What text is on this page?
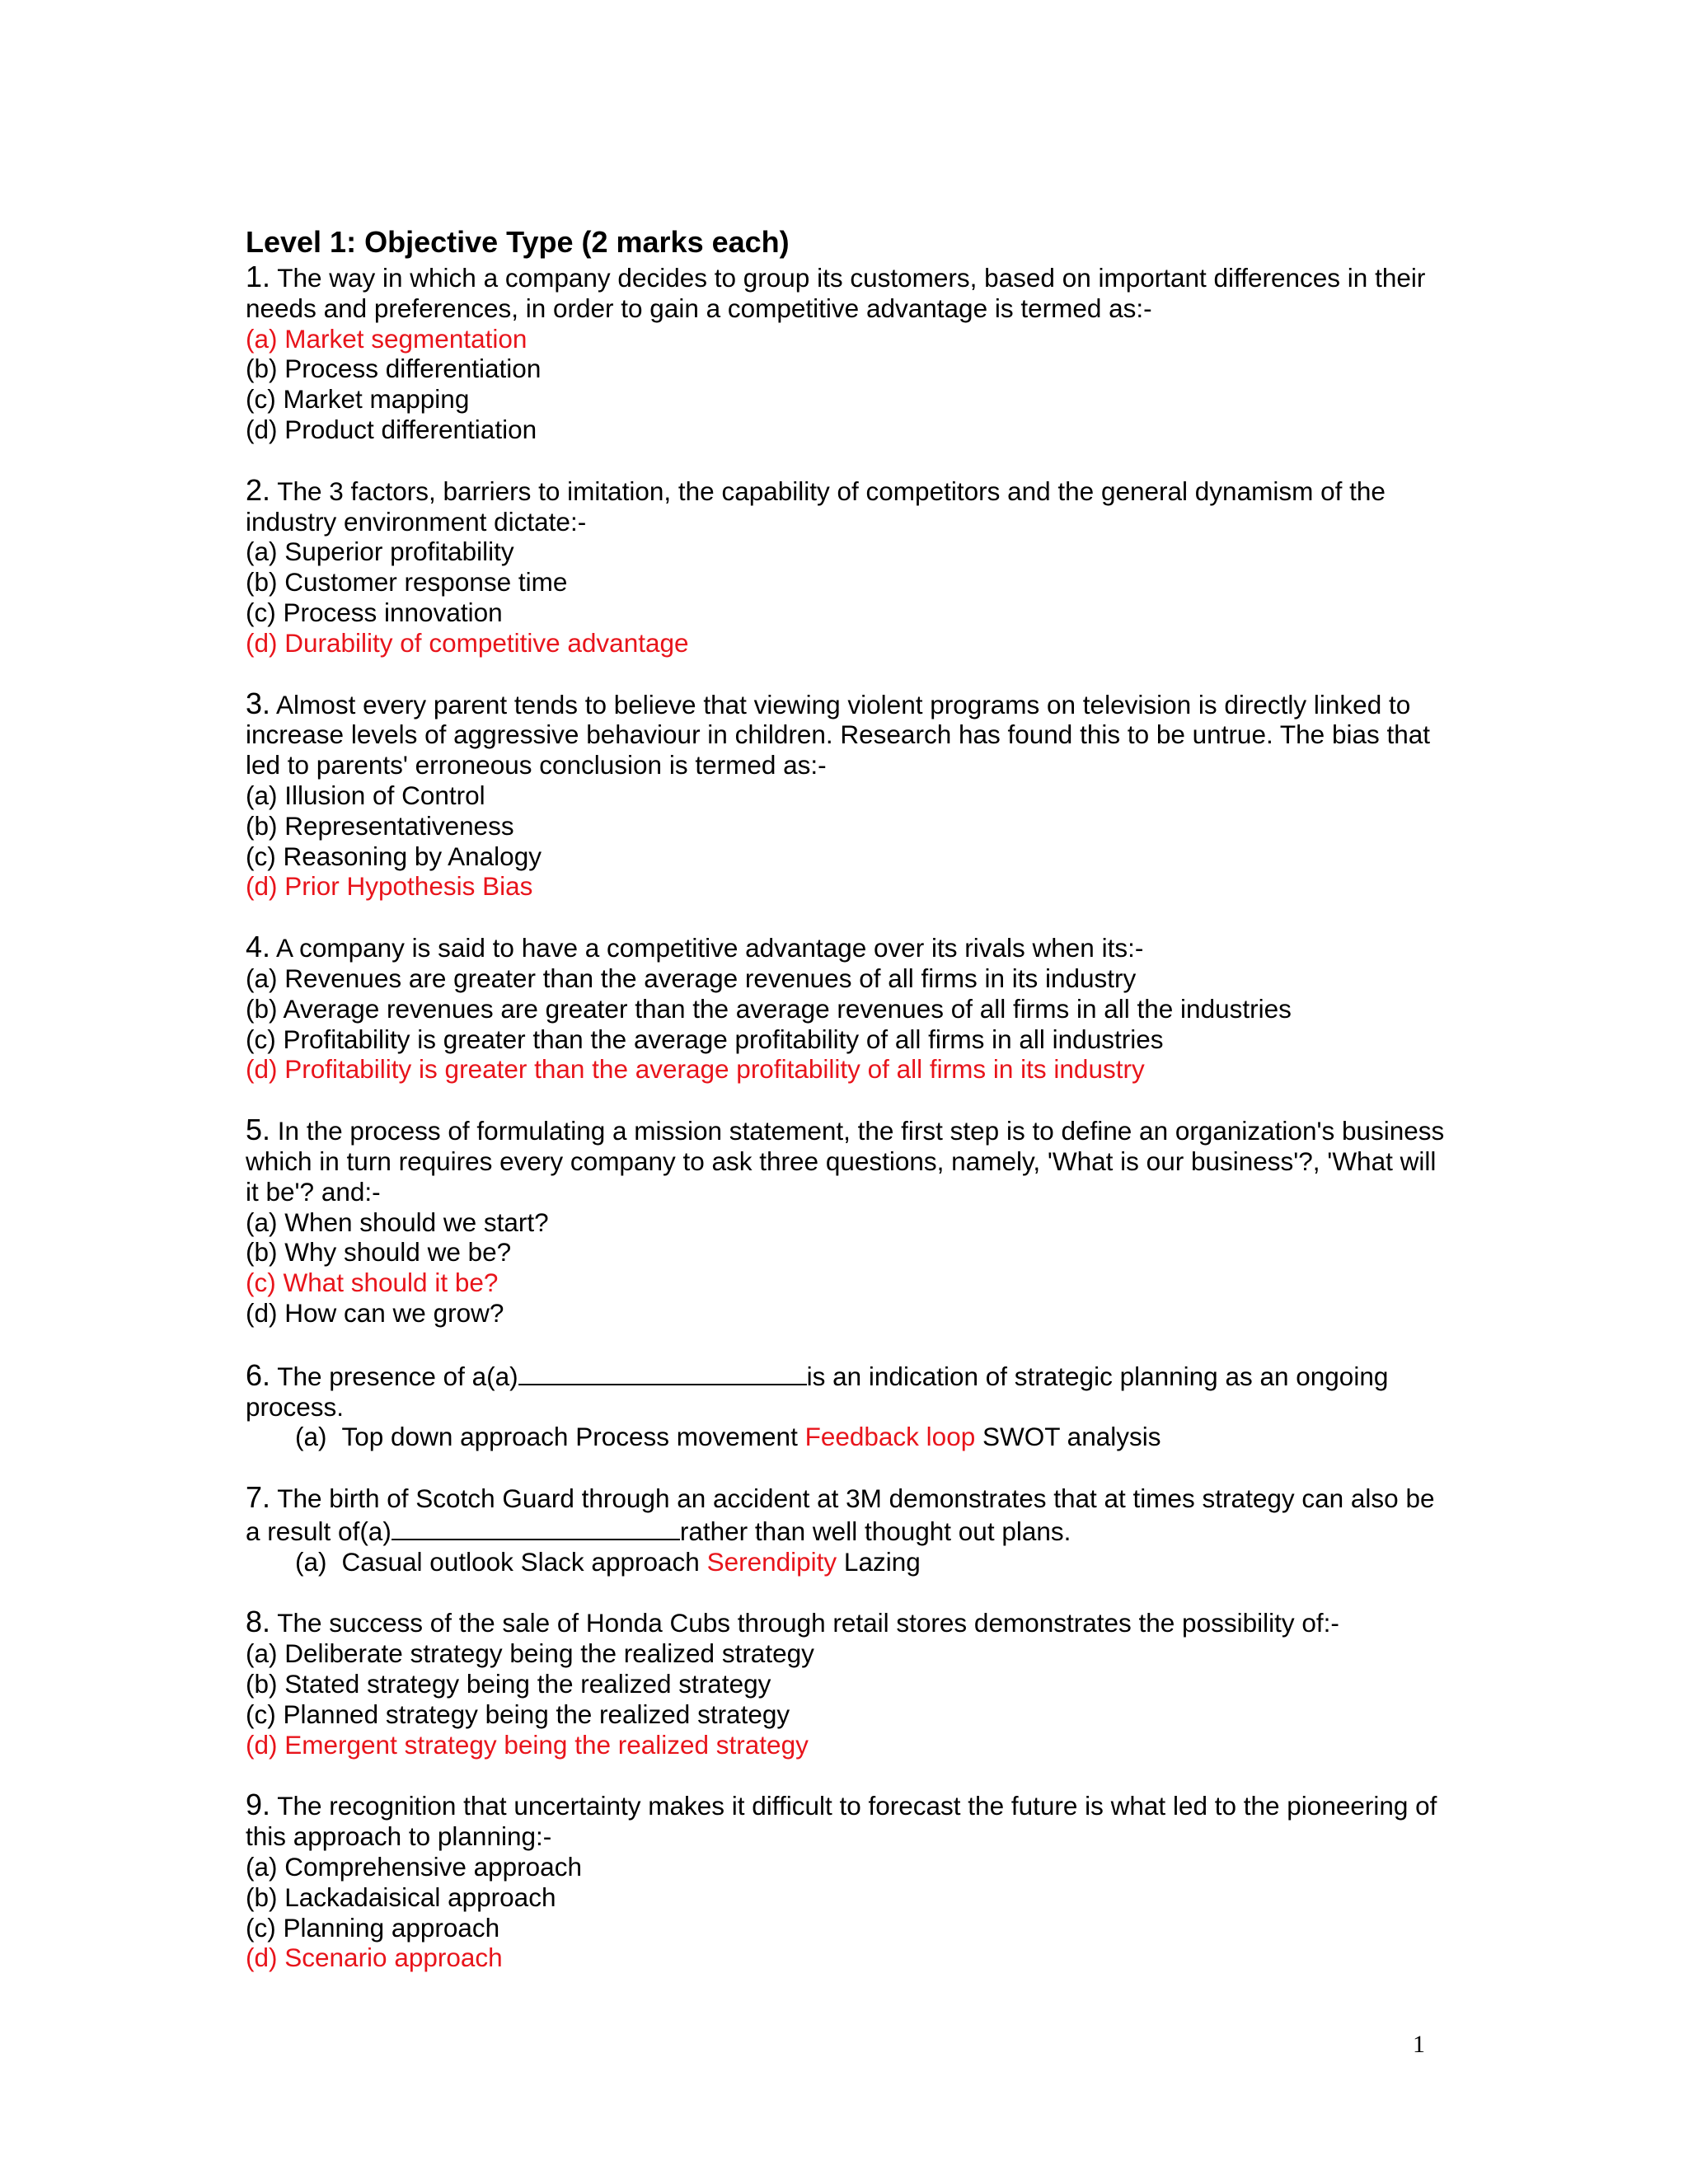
Level 1: Objective Type (2 marks each)

1. The way in which a company decides to group its customers, based on important differences in their needs and preferences, in order to gain a competitive advantage is termed as:-

(a) Market segmentation

(b) Process differentiation

(c) Market mapping

(d) Product differentiation

2. The 3 factors, barriers to imitation, the capability of competitors and the general dynamism of the industry environment dictate:-

(a) Superior profitability

(b) Customer response time

(c) Process innovation

(d) Durability of competitive advantage

3. Almost every parent tends to believe that viewing violent programs on television is directly linked to increase levels of aggressive behaviour in children. Research has found this to be untrue. The bias that led to parents' erroneous conclusion is termed as:-

(a) Illusion of Control

(b) Representativeness

(c) Reasoning by Analogy

(d) Prior Hypothesis Bias

4. A company is said to have a competitive advantage over its rivals when its:-

(a) Revenues are greater than the average revenues of all firms in its industry

(b) Average revenues are greater than the average revenues of all firms in all the industries

(c) Profitability is greater than the average profitability of all firms in all industries

(d) Profitability is greater than the average profitability of all firms in its industry

5. In the process of formulating a mission statement, the first step is to define an organization's business which in turn requires every company to ask three questions, namely, 'What is our business'?, 'What will it be'? and:-

(a) When should we start?

(b) Why should we be?

(c) What should it be?

(d) How can we grow?

6. The presence of a(a)	is an indication of strategic planning as an ongoing process.

(a) Top down approach Process movement Feedback loop SWOT analysis

7. The birth of Scotch Guard through an accident at 3M demonstrates that at times strategy can also be a result of(a)	rather than well thought out plans.

(a) Casual outlook Slack approach Serendipity Lazing

8. The success of the sale of Honda Cubs through retail stores demonstrates the possibility of:-

(a) Deliberate strategy being the realized strategy

(b) Stated strategy being the realized strategy

(c) Planned strategy being the realized strategy

(d) Emergent strategy being the realized strategy

9. The recognition that uncertainty makes it difficult to forecast the future is what led to the pioneering of this approach to planning:-

(a) Comprehensive approach

(b) Lackadaisical approach

(c) Planning approach

(d) Scenario approach

1
